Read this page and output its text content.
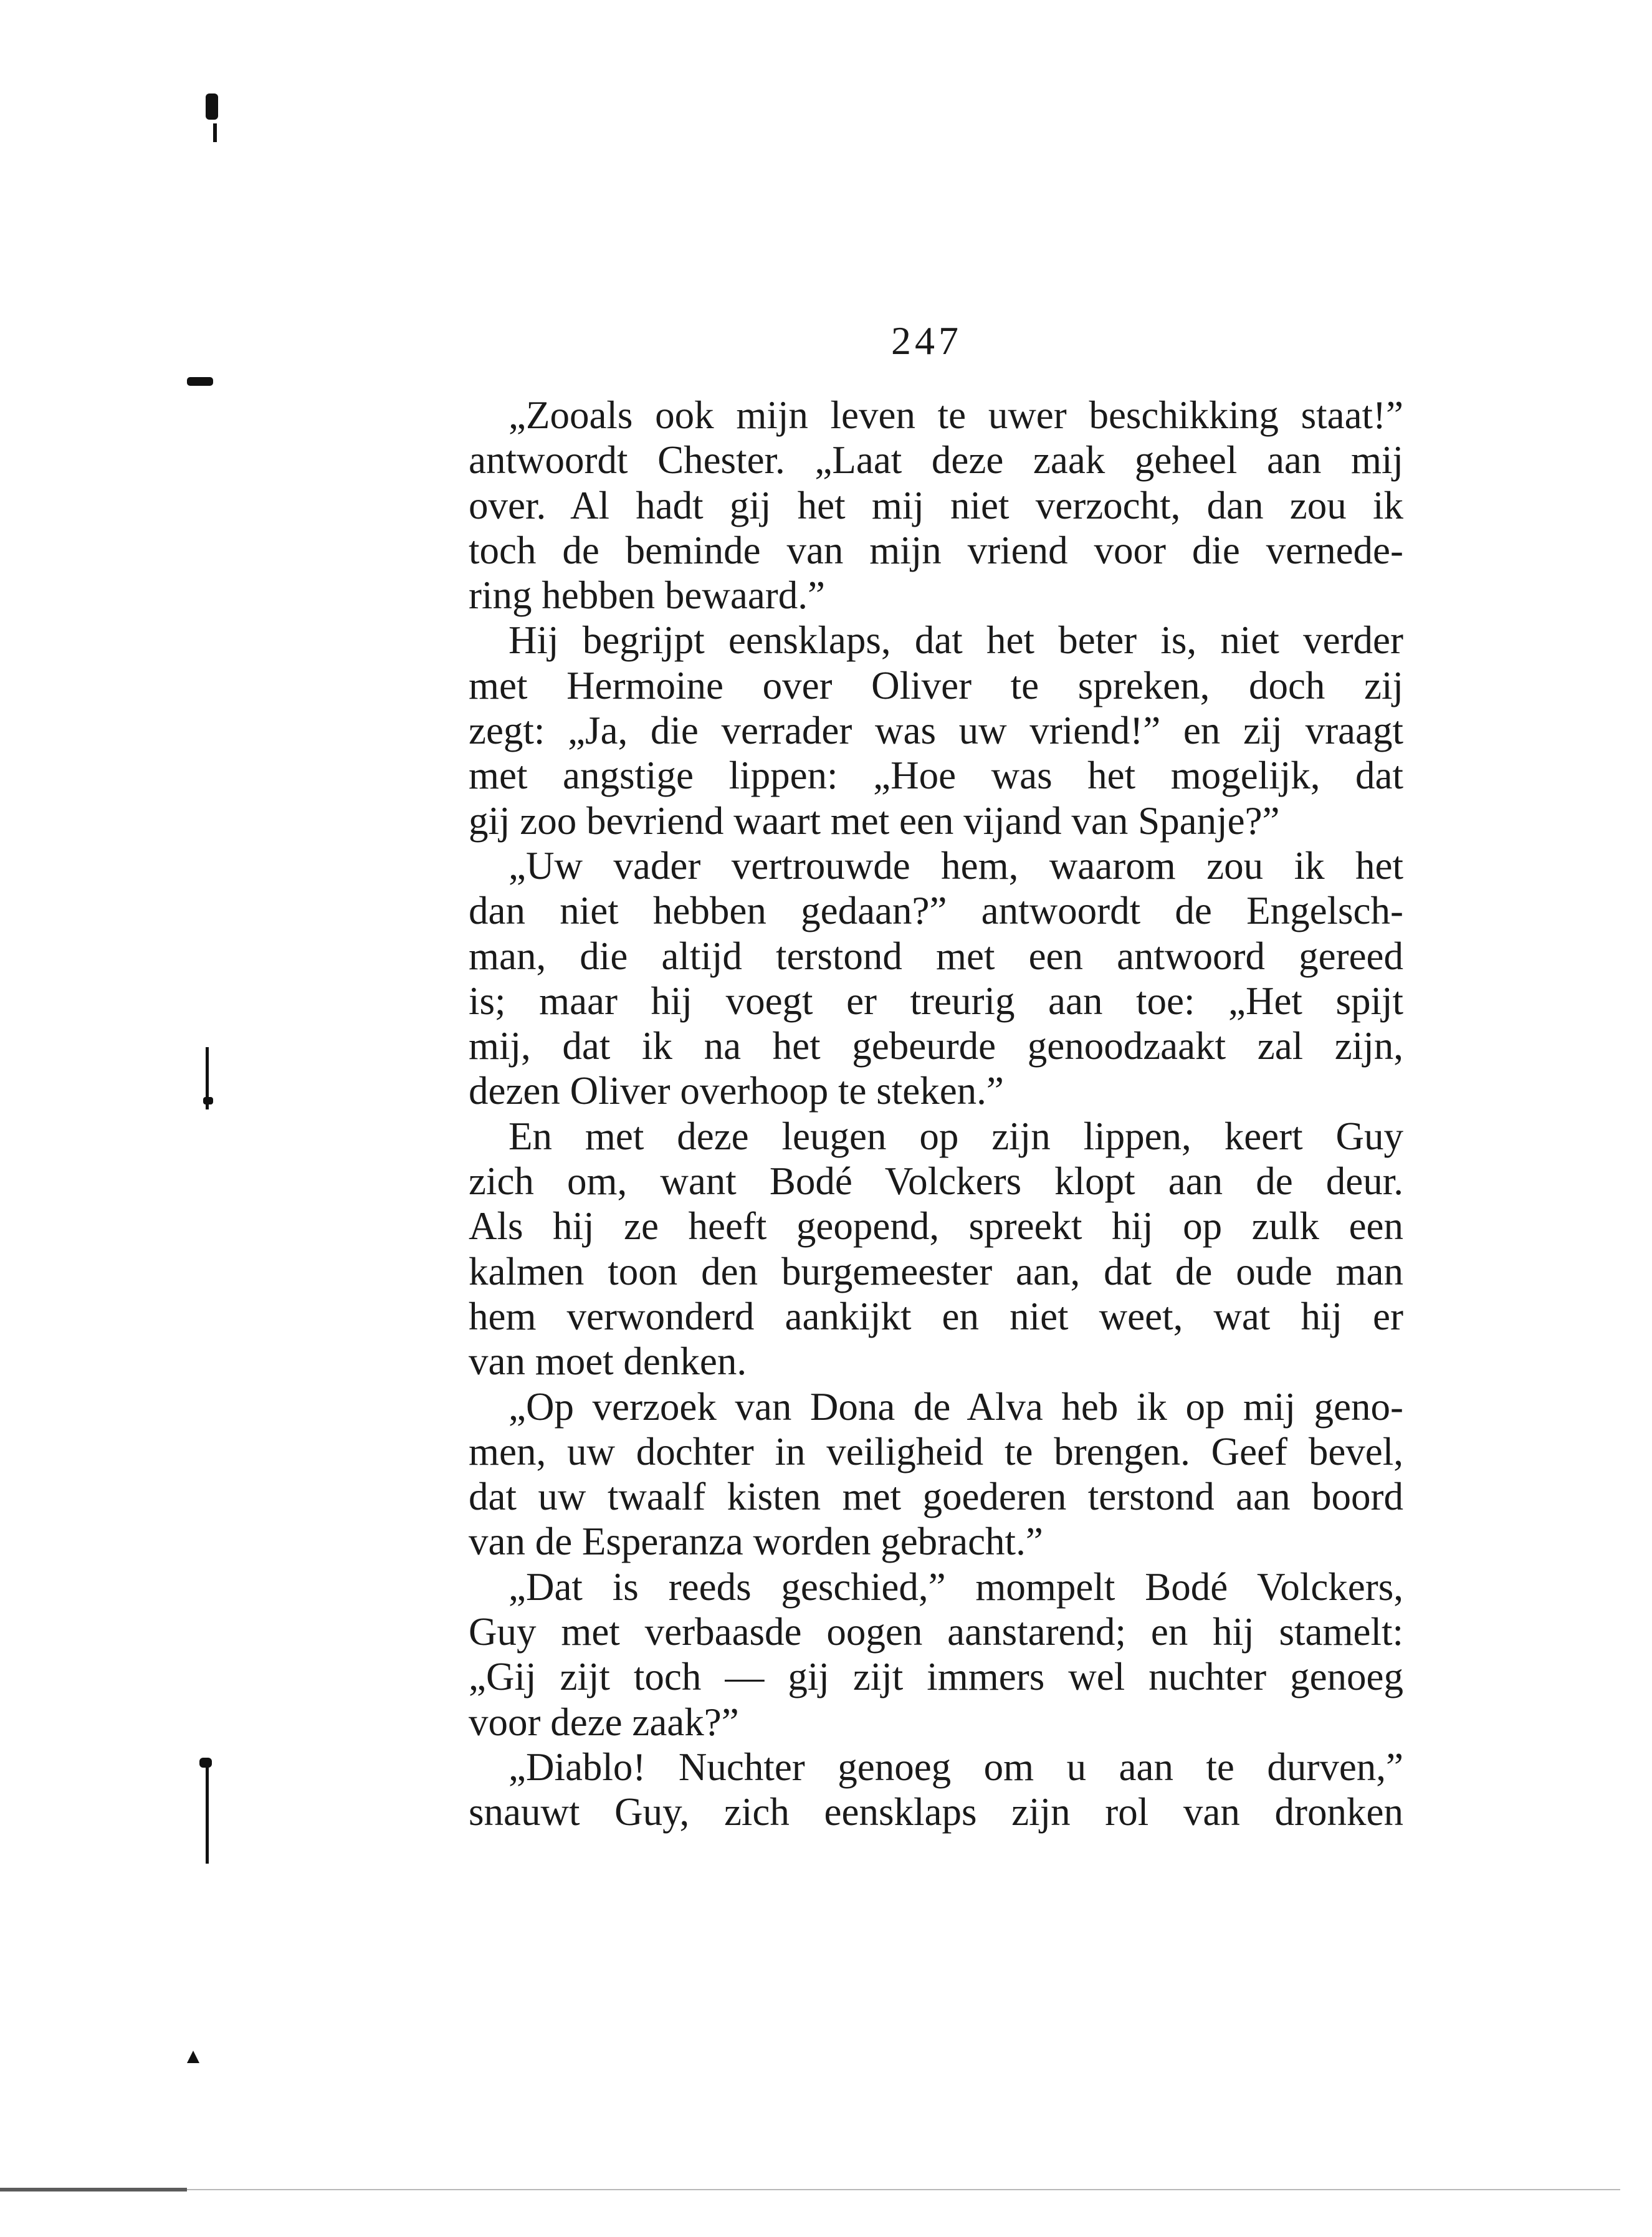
247

„Zooals ook mijn leven te uwer beschikking staat!”
antwoordt Chester. „Laat deze zaak geheel aan mij
over. Al hadt gij het mij niet verzocht, dan zou ik
toch de beminde van mijn vriend voor die vernede-
ring hebben bewaard.”

Hij begrijpt eensklaps, dat het beter is, niet verder
met Hermoine over Oliver te spreken, doch zij
zegt: „Ja, die verrader was uw vriend!” en zij vraagt
met angstige lippen: „Hoe was het mogelijk, dat
gij zoo bevriend waart met een vijand van Spanje?”

„Uw vader vertrouwde hem, waarom zou ik het
dan niet hebben gedaan?” antwoordt de Engelsch-
man, die altijd terstond met een antwoord gereed
is; maar hij voegt er treurig aan toe: „Het spijt
mij, dat ik na het gebeurde genoodzaakt zal zijn,
dezen Oliver overhoop te steken.”

En met deze leugen op zijn lippen, keert Guy
zich om, want Bodé Volckers klopt aan de deur.
Als hij ze heeft geopend, spreekt hij op zulk een
kalmen toon den burgemeester aan, dat de oude man
hem verwonderd aankijkt en niet weet, wat hij er
van moet denken.

„Op verzoek van Dona de Alva heb ik op mij geno-
men, uw dochter in veiligheid te brengen. Geef bevel,
dat uw twaalf kisten met goederen terstond aan boord
van de Esperanza worden gebracht.”

„Dat is reeds geschied,” mompelt Bodé Volckers,
Guy met verbaasde oogen aanstarend; en hij stamelt:
„Gij zijt toch — gij zijt immers wel nuchter genoeg
voor deze zaak?”

„Diablo! Nuchter genoeg om u aan te durven,”
snauwt Guy, zich eensklaps zijn rol van dronken
